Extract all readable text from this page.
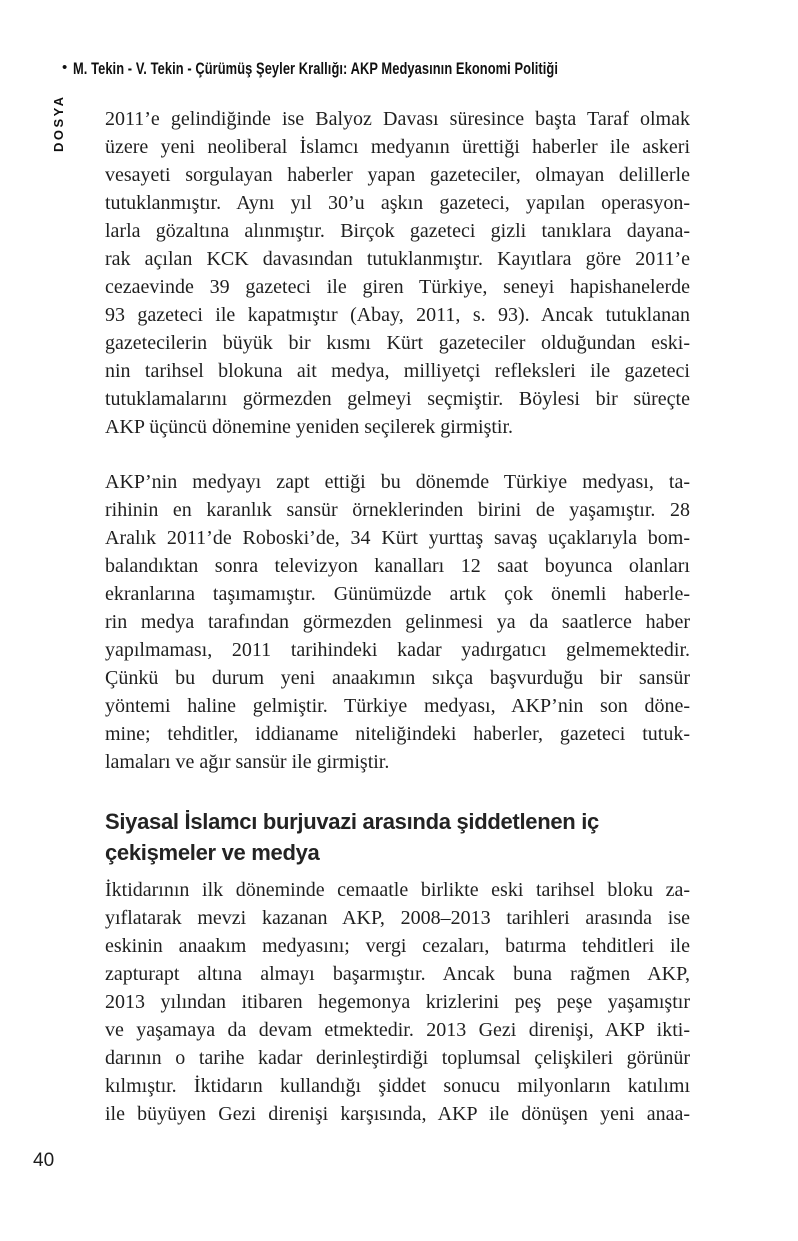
• M. Tekin - V. Tekin - Çürümüş Şeyler Krallığı: AKP Medyasının Ekonomi Politiği
DOSYA 2011’e gelindiğinde ise Balyoz Davası süresince başta Taraf olmak
üzere yeni neoliberal İslamcı medyanın ürettiği haberler ile askeri
vesayeti sorgulayan haberler yapan gazeteciler, olmayan delillerle
tutuklanmıştır. Aynı yıl 30’u aşkın gazeteci, yapılan operasyon-
larla gözaltına alınmıştır. Birçok gazeteci gizli tanıklara dayana-
rak açılan KCK davasından tutuklanmıştır. Kayıtlara göre 2011’e
cezaevinde 39 gazeteci ile giren Türkiye, seneyi hapishanelerde
93 gazeteci ile kapatmıştır (Abay, 2011, s. 93). Ancak tutuklanan
gazetecilerin büyük bir kısmı Kürt gazeteciler olduğundan eski-
nin tarihsel blokuna ait medya, milliyetçi refleksleri ile gazeteci
tutuklamalarını görmezden gelmeyi seçmiştir. Böylesi bir süreçte
AKP üçüncü dönemine yeniden seçilerek girmiştir.
AKP’nin medyayı zapt ettiği bu dönemde Türkiye medyası, ta-
rihinin en karanlık sansür örneklerinden birini de yaşamıştır. 28
Aralık 2011’de Roboski’de, 34 Kürt yurttaş savaş uçaklarıyla bom-
balandıktan sonra televizyon kanalları 12 saat boyunca olanları
ekranlarına taşımamıştır. Günümüzde artık çok önemli haberle-
rin medya tarafından görmezden gelinmesi ya da saatlerce haber
yapılmaması, 2011 tarihindeki kadar yadırgatıcı gelmemektedir.
Çünkü bu durum yeni anaakımın sıkça başvurduğu bir sansür
yöntemi haline gelmiştir. Türkiye medyası, AKP’nin son döne-
mine; tehditler, iddianame niteliğindeki haberler, gazeteci tutuk-
lamaları ve ağır sansür ile girmiştir.
Siyasal İslamcı burjuvazi arasında şiddetlenen iç
çekişmeler ve medya
İktidarının ilk döneminde cemaatle birlikte eski tarihsel bloku za-
yıflatarak mevzi kazanan AKP, 2008–2013 tarihleri arasında ise
eskinin anaakım medyasını; vergi cezaları, batırma tehditleri ile
zapturapt altına almayı başarmıştır. Ancak buna rağmen AKP,
2013 yılından itibaren hegemonya krizlerini peş peşe yaşamıştır
ve yaşamaya da devam etmektedir. 2013 Gezi direnişi, AKP ikti-
darının o tarihe kadar derinleştirdiği toplumsal çelişkileri görünür
kılmıştır. İktidarın kullandığı şiddet sonucu milyonların katılımı
ile büyüyen Gezi direnişi karşısında, AKP ile dönüşen yeni anaa-
40
